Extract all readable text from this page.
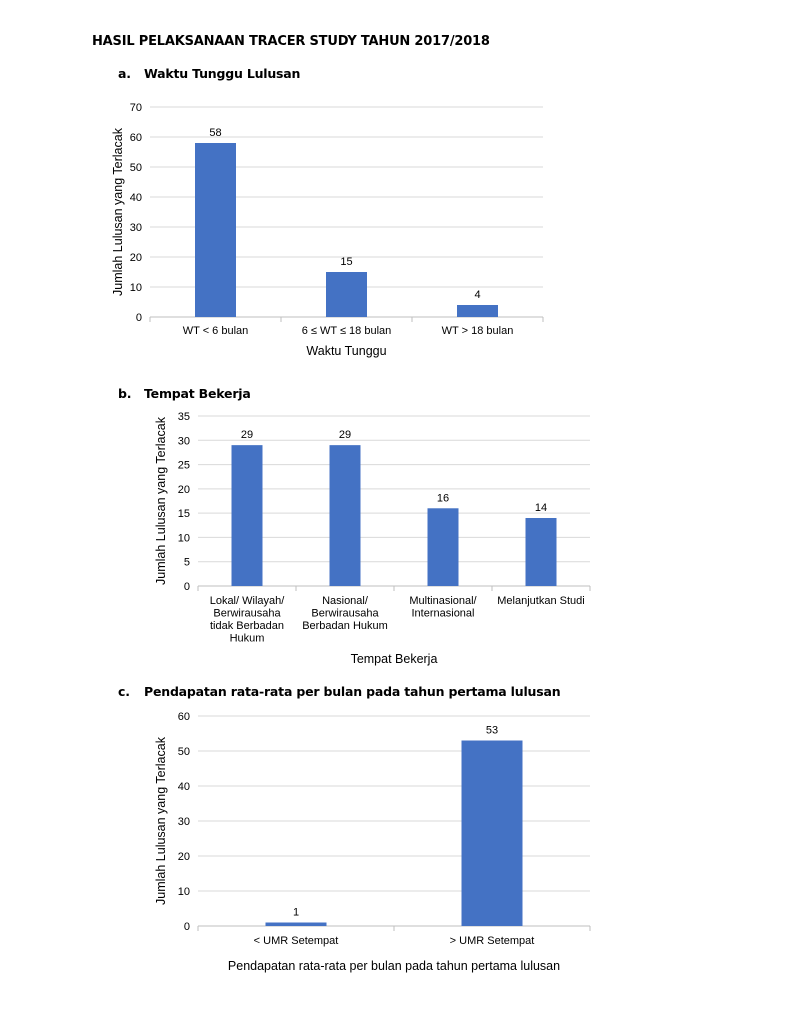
HASIL PELAKSANAAN TRACER STUDY TAHUN 2017/2018
a. Waktu Tunggu Lulusan
0
10
20
30
40
50
60
70
58
WT < 6 bulan
15
6 ≤ WT ≤ 18 bulan
4
WT > 18 bulan
Waktu Tunggu
Jumlah Lulusan yang Terlacak
b. Tempat Bekerja
0
5
10
15
20
25
30
35
29
Lokal/ Wilayah/ Berwirausaha tidak Berbadan Hukum
29
Nasional/ Berwirausaha Berbadan Hukum
16
Multinasional/ Internasional
14
Melanjutkan Studi
Tempat Bekerja
Jumlah Lulusan yang Terlacak
c. Pendapatan rata-rata per bulan pada tahun pertama lulusan
0
10
20
30
40
50
60
1
< UMR Setempat
53
> UMR Setempat
Pendapatan rata-rata per bulan pada tahun pertama lulusan
Jumlah Lulusan yang Terlacak
